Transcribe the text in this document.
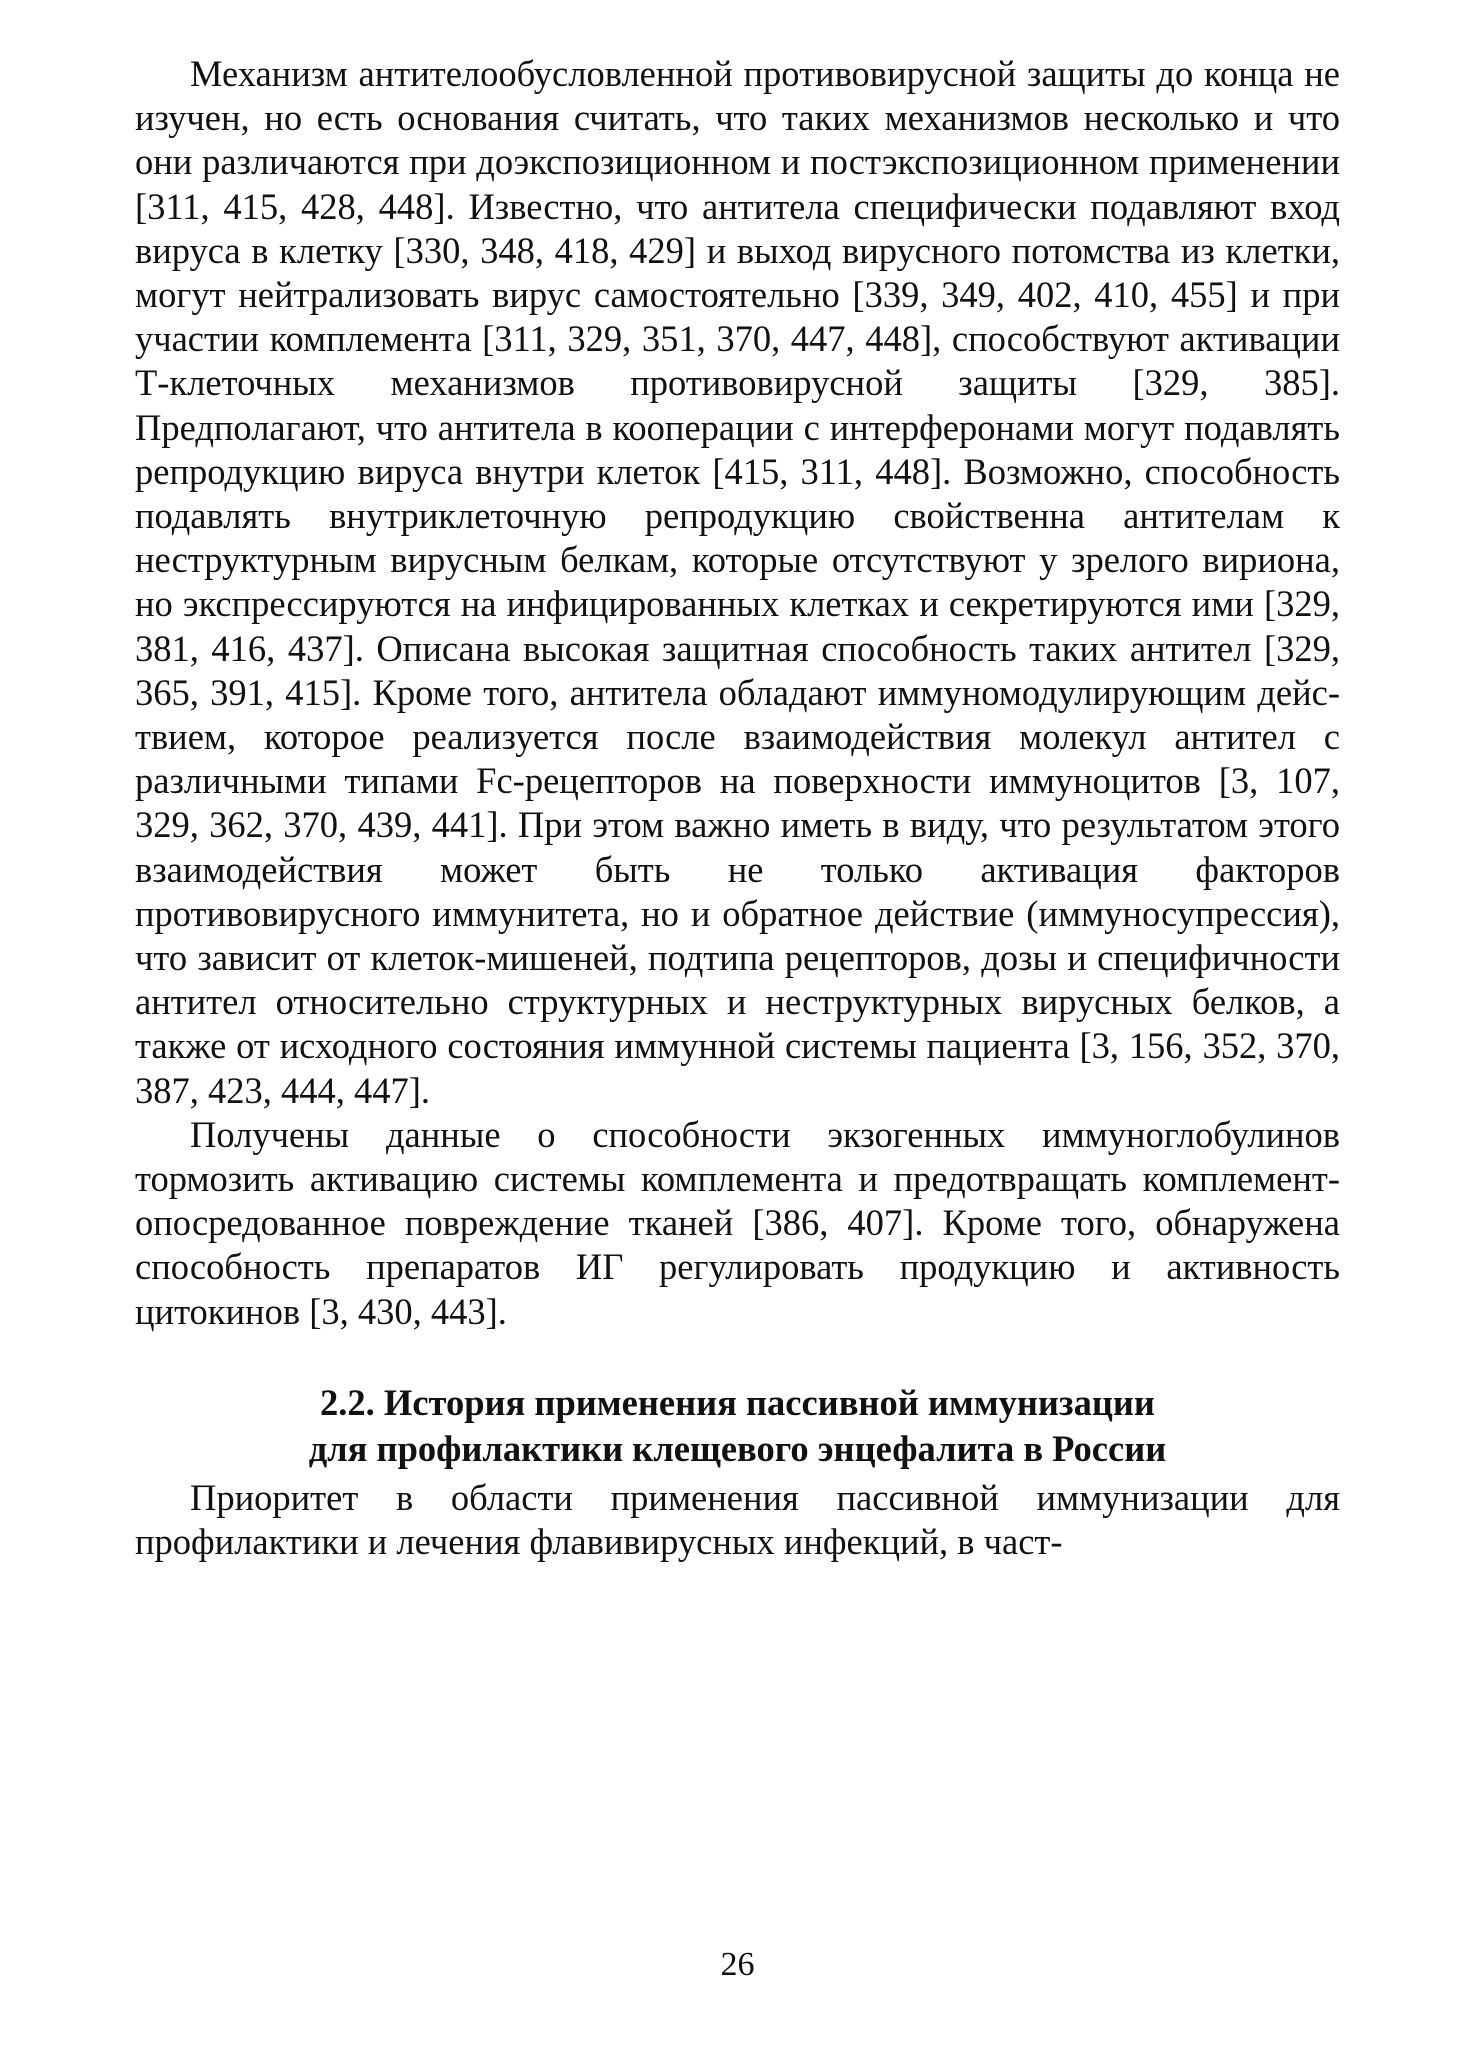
Механизм антителообусловленной противовирусной защиты до конца не изучен, но есть основания считать, что таких механизмов несколько и что они различаются при доэкспозиционном и постэкспозиционном применении [311, 415, 428, 448]. Известно, что антитела специфически подавляют вход вируса в клетку [330, 348, 418, 429] и выход вирусного потомства из клетки, могут нейтрализовать вирус самостоятельно [339, 349, 402, 410, 455] и при участии комплемента [311, 329, 351, 370, 447, 448], способствуют активации Т-клеточных механизмов противовирусной защиты [329, 385]. Предполагают, что антитела в кооперации с интерферонами могут подавлять репродукцию вируса внутри клеток [415, 311, 448]. Возможно, способность подавлять внутриклеточную репродукцию свойственна антителам к неструктурным вирусным белкам, которые отсутствуют у зрелого вириона, но экспрессируются на инфицированных клетках и секретируются ими [329, 381, 416, 437]. Описана высокая защитная способность таких антител [329, 365, 391, 415]. Кроме того, антитела обладают иммуномодулирующим действием, которое реализуется после взаимодействия молекул антител с различными типами Fc-рецепторов на поверхности иммуноцитов [3, 107, 329, 362, 370, 439, 441]. При этом важно иметь в виду, что результатом этого взаимодействия может быть не только активация факторов противовирусного иммунитета, но и обратное действие (иммуносупрессия), что зависит от клеток-мишеней, подтипа рецепторов, дозы и специфичности антител относительно структурных и неструктурных вирусных белков, а также от исходного состояния иммунной системы пациента [3, 156, 352, 370, 387, 423, 444, 447].

Получены данные о способности экзогенных иммуноглобулинов тормозить активацию системы комплемента и предотвращать комплемент-опосредованное повреждение тканей [386, 407]. Кроме того, обнаружена способность препаратов ИГ регулировать продукцию и активность цитокинов [3, 430, 443].

2.2. История применения пассивной иммунизации
для профилактики клещевого энцефалита в России

Приоритет в области применения пассивной иммунизации для профилактики и лечения флавивирусных инфекций, в част-

26
